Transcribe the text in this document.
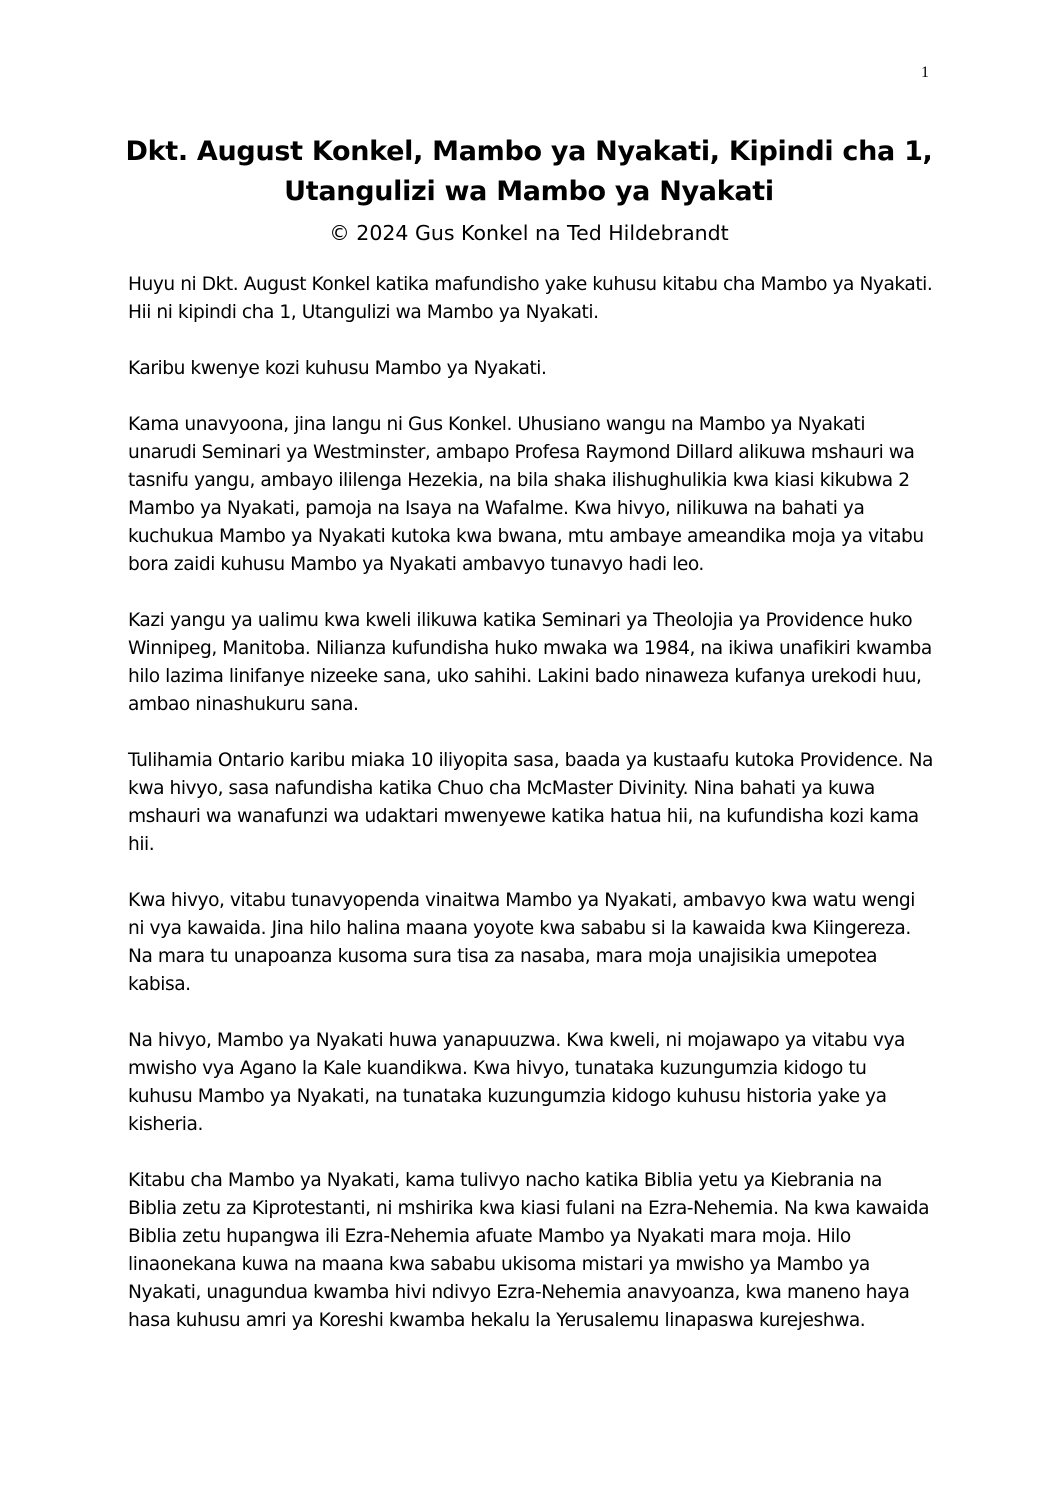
1
Dkt. August Konkel, Mambo ya Nyakati, Kipindi cha 1,
Utangulizi wa Mambo ya Nyakati
© 2024 Gus Konkel na Ted Hildebrandt

Huyu ni Dkt. August Konkel katika mafundisho yake kuhusu kitabu cha Mambo ya Nyakati. Hii ni kipindi cha 1, Utangulizi wa Mambo ya Nyakati.

Karibu kwenye kozi kuhusu Mambo ya Nyakati.

Kama unavyoona, jina langu ni Gus Konkel. Uhusiano wangu na Mambo ya Nyakati unarudi Seminari ya Westminster, ambapo Profesa Raymond Dillard alikuwa mshauri wa tasnifu yangu, ambayo ililenga Hezekia, na bila shaka ilishughulikia kwa kiasi kikubwa 2 Mambo ya Nyakati, pamoja na Isaya na Wafalme. Kwa hivyo, nilikuwa na bahati ya kuchukua Mambo ya Nyakati kutoka kwa bwana, mtu ambaye ameandika moja ya vitabu bora zaidi kuhusu Mambo ya Nyakati ambavyo tunavyo hadi leo.

Kazi yangu ya ualimu kwa kweli ilikuwa katika Seminari ya Theolojia ya Providence huko Winnipeg, Manitoba. Nilianza kufundisha huko mwaka wa 1984, na ikiwa unafikiri kwamba hilo lazima linifanye nizeeke sana, uko sahihi. Lakini bado ninaweza kufanya urekodi huu, ambao ninashukuru sana.

Tulihamia Ontario karibu miaka 10 iliyopita sasa, baada ya kustaafu kutoka Providence. Na kwa hivyo, sasa nafundisha katika Chuo cha McMaster Divinity. Nina bahati ya kuwa mshauri wa wanafunzi wa udaktari mwenyewe katika hatua hii, na kufundisha kozi kama hii.

Kwa hivyo, vitabu tunavyopenda vinaitwa Mambo ya Nyakati, ambavyo kwa watu wengi ni vya kawaida. Jina hilo halina maana yoyote kwa sababu si la kawaida kwa Kiingereza. Na mara tu unapoanza kusoma sura tisa za nasaba, mara moja unajisikia umepotea kabisa.

Na hivyo, Mambo ya Nyakati huwa yanapuuzwa. Kwa kweli, ni mojawapo ya vitabu vya mwisho vya Agano la Kale kuandikwa. Kwa hivyo, tunataka kuzungumzia kidogo tu kuhusu Mambo ya Nyakati, na tunataka kuzungumzia kidogo kuhusu historia yake ya kisheria.

Kitabu cha Mambo ya Nyakati, kama tulivyo nacho katika Biblia yetu ya Kiebrania na Biblia zetu za Kiprotestanti, ni mshirika kwa kiasi fulani na Ezra-Nehemia. Na kwa kawaida Biblia zetu hupangwa ili Ezra-Nehemia afuate Mambo ya Nyakati mara moja. Hilo linaonekana kuwa na maana kwa sababu ukisoma mistari ya mwisho ya Mambo ya Nyakati, unagundua kwamba hivi ndivyo Ezra-Nehemia anavyoanza, kwa maneno haya hasa kuhusu amri ya Koreshi kwamba hekalu la Yerusalemu linapaswa kurejeshwa.
